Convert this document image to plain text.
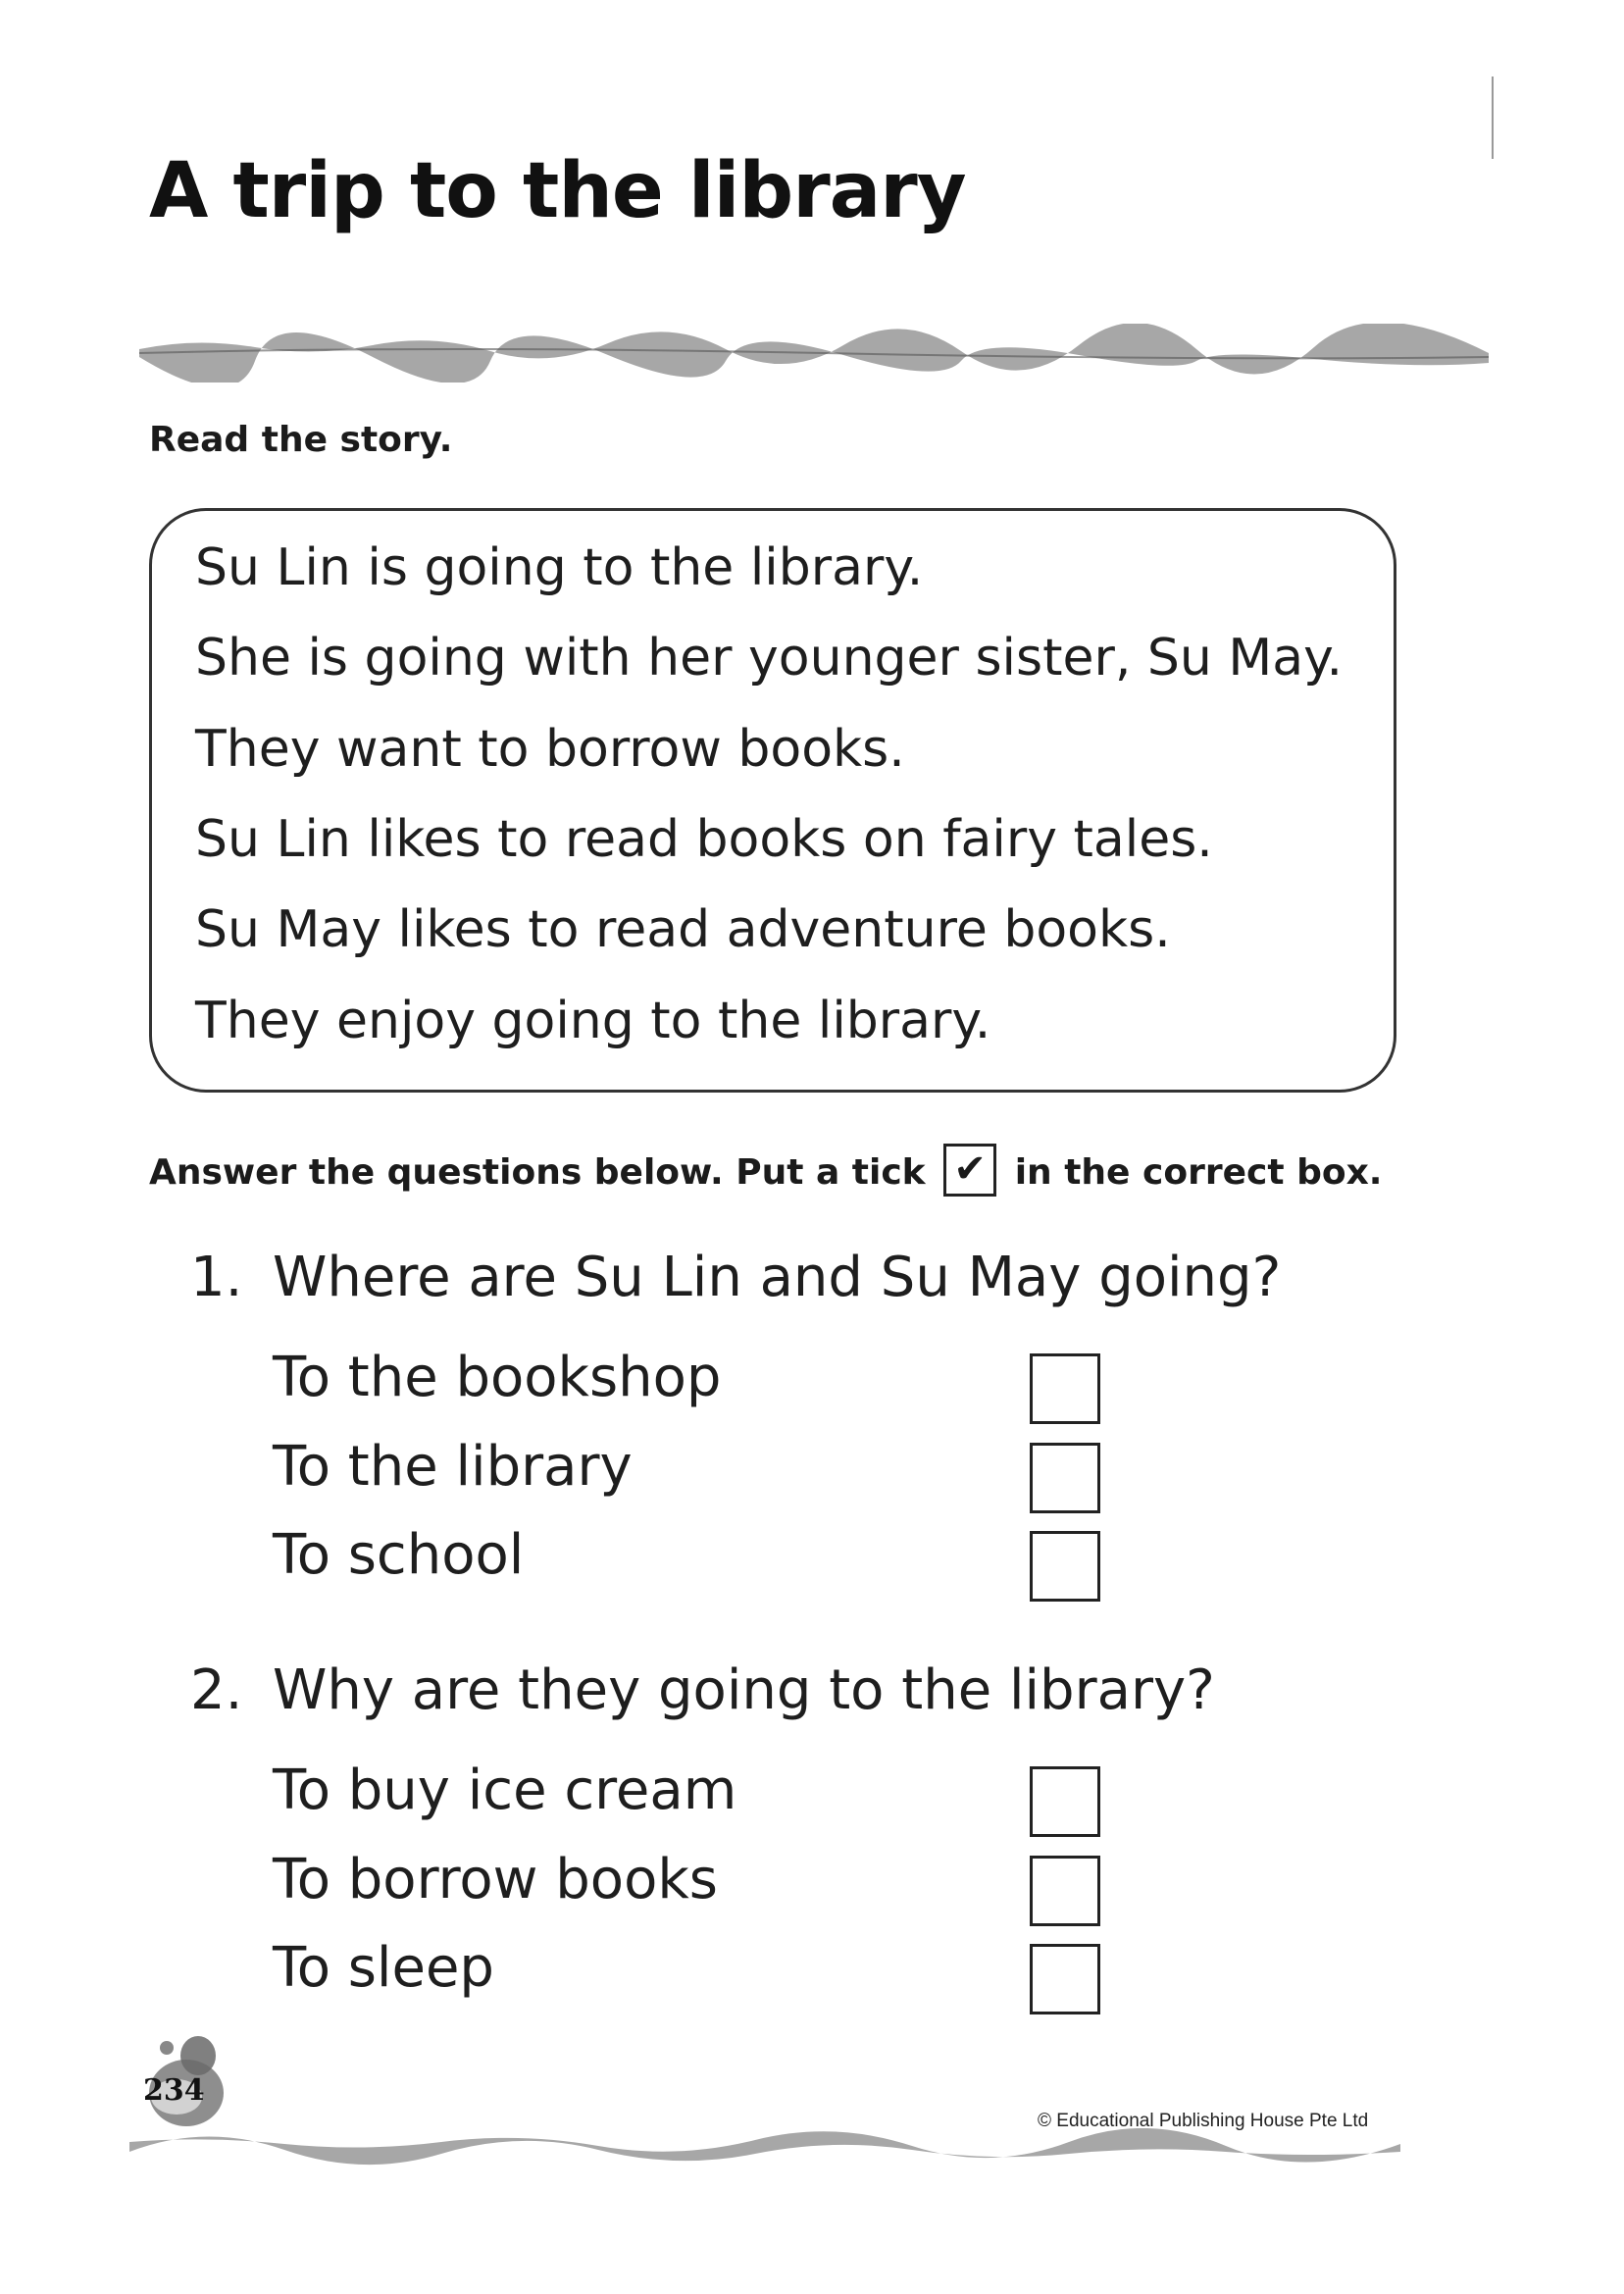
A trip to the library

Read the story.

Su Lin is going to the library.
She is going with her younger sister, Su May.
They want to borrow books.
Su Lin likes to read books on fairy tales.
Su May likes to read adventure books.
They enjoy going to the library.

Answer the questions below. Put a tick ✔ in the correct box.

1. Where are Su Lin and Su May going?
To the bookshop
To the library
To school
2. Why are they going to the library?
To buy ice cream
To borrow books
To sleep
234
© Educational Publishing House Pte Ltd
